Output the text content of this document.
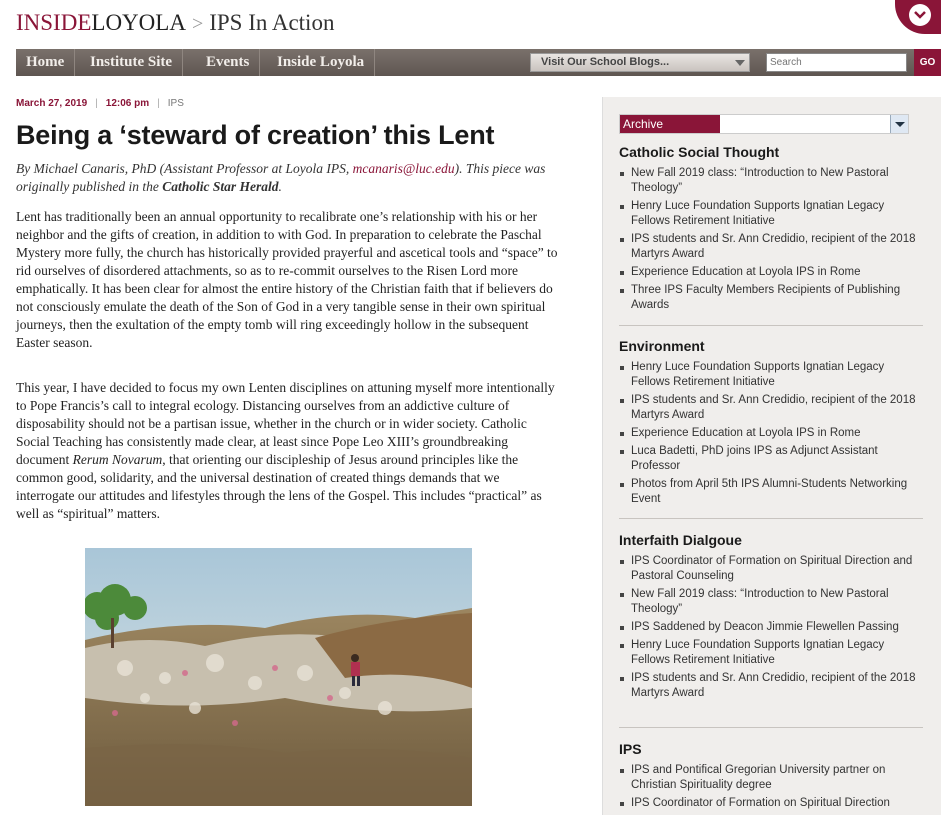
INSIDELOYOLA > IPS In Action
Home	Institute Site	Events	Inside Loyola	Visit Our School Blogs...
Search	GO
March 27, 2019 | 12:06 pm | IPS
Being a ‘steward of creation’ this Lent
By Michael Canaris, PhD (Assistant Professor at Loyola IPS, mcanaris@luc.edu). This piece was originally published in the Catholic Star Herald.

Lent has traditionally been an annual opportunity to recalibrate one’s relationship with his or her neighbor and the gifts of creation, in addition to with God. In preparation to celebrate the Paschal Mystery more fully, the church has historically provided prayerful and ascetical tools and “space” to rid ourselves of disordered attachments, so as to re-commit ourselves to the Risen Lord more emphatically. It has been clear for almost the entire history of the Christian faith that if believers do not consciously emulate the death of the Son of God in a very tangible sense in their own spiritual journeys, then the exultation of the empty tomb will ring exceedingly hollow in the subsequent Easter season.

This year, I have decided to focus my own Lenten disciplines on attuning myself more intentionally to Pope Francis’s call to integral ecology. Distancing ourselves from an addictive culture of disposability should not be a partisan issue, whether in the church or in wider society. Catholic Social Teaching has consistently made clear, at least since Pope Leo XIII’s groundbreaking document Rerum Novarum, that orienting our discipleship of Jesus around principles like the common good, solidarity, and the universal destination of created things demands that we interrogate our attitudes and lifestyles through the lens of the Gospel. This includes “practical” as well as “spiritual” matters.

Archive
Catholic Social Thought
New Fall 2019 class: “Introduction to New Pastoral Theology”
Henry Luce Foundation Supports Ignatian Legacy Fellows Retirement Initiative
IPS students and Sr. Ann Credidio, recipient of the 2018 Martyrs Award
Experience Education at Loyola IPS in Rome
Three IPS Faculty Members Recipients of Publishing Awards
Environment
Henry Luce Foundation Supports Ignatian Legacy Fellows Retirement Initiative
IPS students and Sr. Ann Credidio, recipient of the 2018 Martyrs Award
Experience Education at Loyola IPS in Rome
Luca Badetti, PhD joins IPS as Adjunct Assistant Professor
Photos from April 5th IPS Alumni-Students Networking Event
Interfaith Dialgoue
IPS Coordinator of Formation on Spiritual Direction and Pastoral Counseling
New Fall 2019 class: “Introduction to New Pastoral Theology”
IPS Saddened by Deacon Jimmie Flewellen Passing
Henry Luce Foundation Supports Ignatian Legacy Fellows Retirement Initiative
IPS students and Sr. Ann Credidio, recipient of the 2018 Martyrs Award
IPS
IPS and Pontifical Gregorian University partner on Christian Spirituality degree
IPS Coordinator of Formation on Spiritual Direction
